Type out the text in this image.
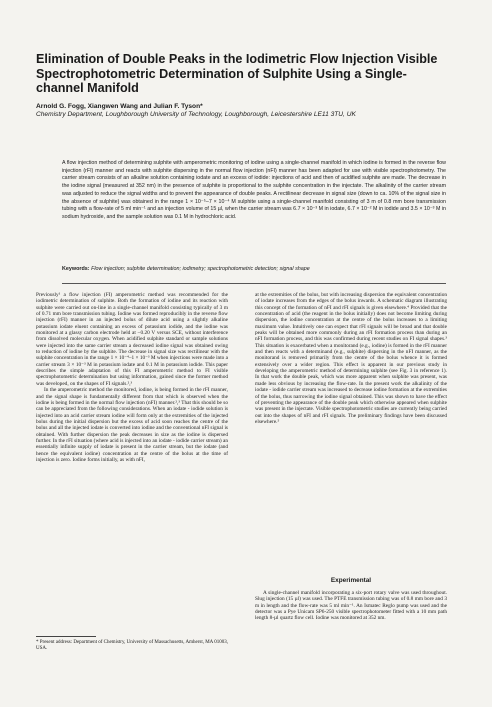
Elimination of Double Peaks in the Iodimetric Flow Injection Visible Spectrophotometric Determination of Sulphite Using a Single-channel Manifold
Arnold G. Fogg, Xiangwen Wang and Julian F. Tyson*
Chemistry Department, Loughborough University of Technology, Loughborough, Leicestershire LE11 3TU, UK

A flow injection method of determining sulphite with amperometric monitoring of iodine using a single-channel manifold in which iodine is formed in the reverse flow injection (rFI) manner and reacts with sulphite dispersing in the normal flow injection (nFI) manner has been adapted for use with visible spectrophotometry. The carrier stream consists of an alkaline solution containing iodate and an excess of iodide: injections of acid and then of acidified sulphite are made. The decrease in the iodine signal (measured at 352 nm) in the presence of sulphite is proportional to the sulphite concentration in the injectate. The alkalinity of the carrier stream was adjusted to reduce the signal widths and to prevent the appearance of double peaks. A rectilinear decrease in signal size (down to ca. 10% of the signal size in the absence of sulphite) was obtained in the range 1 × 10⁻⁵–7 × 10⁻⁴ M sulphite using a single-channel manifold consisting of 3 m of 0.8 mm bore transmission tubing with a flow-rate of 5 ml min⁻¹ and an injection volume of 15 µl, when the carrier stream was 6.7 × 10⁻³ M in iodate, 6.7 × 10⁻² M in iodide and 3.5 × 10⁻³ M in sodium hydroxide, and the sample solution was 0.1 M in hydrochloric acid.

Keywords: Flow injection; sulphite determination; iodimetry; spectrophotometric detection; signal shape

Previously¹ a flow injection (FI) amperometric method was recommended for the iodimetric determination of sulphite. Both the formation of iodine and its reaction with sulphite were carried out on-line in a single-channel manifold consisting typically of 3 m of 0.71 mm bore transmission tubing. Iodine was formed reproducibly in the reverse flow injection (rFI) manner in an injected bolus of dilute acid using a slightly alkaline potassium iodate eluent containing an excess of potassium iodide, and the iodine was monitored at a glassy carbon electrode held at −0.20 V versus SCE, without interference from dissolved molecular oxygen. When acidified sulphite standard or sample solutions were injected into the same carrier stream a decreased iodine signal was obtained owing to reduction of iodine by the sulphite. The decrease in signal size was rectilinear with the sulphite concentration in the range 1 × 10⁻⁴–1 × 10⁻³ M when injections were made into a carrier stream 3 × 10⁻³ M in potassium iodate and 0.1 M in potassium iodide. This paper describes the simple adaptation of this FI amperometric method to FI visible spectrophotometric determination but using information, gained since the former method was developed, on the shapes of FI signals.²,³

In the amperometric method the monitored, iodine, is being formed in the rFI manner, and the signal shape is fundamentally different from that which is observed when the iodine is being formed in the normal flow injection (nFI) manner.²,³ That this should be so can be appreciated from the following considerations. When an iodate - iodide solution is injected into an acid carrier stream iodine will form only at the extremities of the injected bolus during the initial dispersion but the excess of acid soon reaches the centre of the bolus and all the injected iodate is converted into iodine and the conventional nFI signal is obtained. With further dispersion the peak decreases in size as the iodine is dispersed further. In the rFI situation (where acid is injected into an iodate - iodide carrier stream) an essentially infinite supply of iodate is present in the carrier stream, but the iodate (and hence the equivalent iodine) concentration at the centre of the bolus at the time of injection is zero. Iodine forms initially, as with nFI,

* Present address: Department of Chemistry, University of Massachusetts, Amherst, MA 01003, USA.

at the extremities of the bolus, but with increasing dispersion the equivalent concentration of iodate increases from the edges of the bolus inwards. A schematic diagram illustrating this concept of the formation of nFI and rFI signals is given elsewhere.⁴ Provided that the concentration of acid (the reagent in the bolus initially) does not become limiting during dispersion, the iodine concentration at the centre of the bolus increases to a limiting maximum value. Intuitively one can expect that rFI signals will be broad and that double peaks will be obtained more commonly during an rFI formation process than during an nFI formation process, and this was confirmed during recent studies on FI signal shapes.³ This situation is exacerbated when a monitorand (e.g., iodine) is formed in the rFI manner and then reacts with a determinand (e.g., sulphite) dispersing in the nFI manner, as the monitorand is removed primarily from the centre of the bolus whence it is formed extensively over a wider region. This effect is apparent in our previous study in developing the amperometric method of determining sulphite (see Fig. 3 in reference 1). In that work the double peak, which was more apparent when sulphite was present, was made less obvious by increasing the flow-rate. In the present work the alkalinity of the iodate - iodide carrier stream was increased to decrease iodine formation at the extremities of the bolus, thus narrowing the iodine signal obtained. This was shown to have the effect of preventing the appearance of the double peak which otherwise appeared when sulphite was present in the injectate. Visible spectrophotometric studies are currently being carried out into the shapes of nFI and rFI signals. The preliminary findings have been discussed elsewhere.⁵

Experimental

A single-channel manifold incorporating a six-port rotary valve was used throughout. Slug injection (15 µl) was used. The PTFE transmission tubing was of 0.8 mm bore and 3 m in length and the flow-rate was 5 ml min⁻¹. An Ismatec Reglo pump was used and the detector was a Pye Unicam SP6-250 visible spectrophotometer fitted with a 10 mm path length 8-µl quartz flow cell. Iodine was monitored at 352 nm.
